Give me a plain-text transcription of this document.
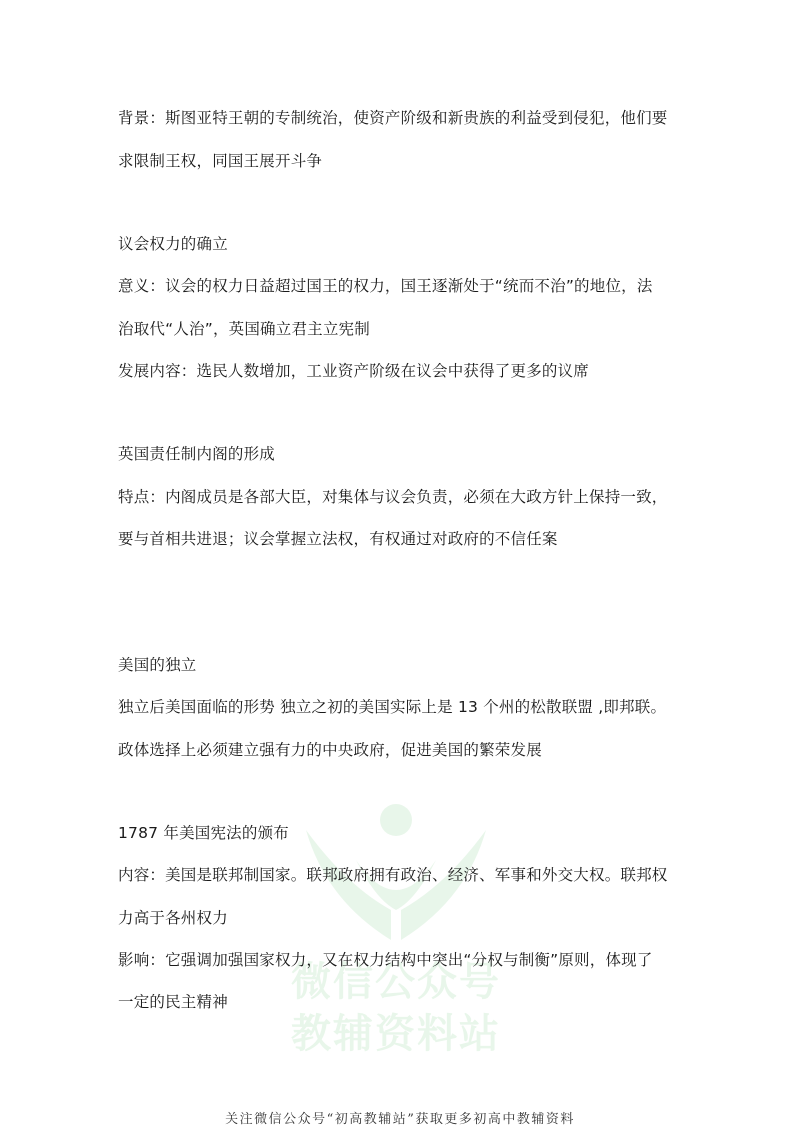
微信公众号
教辅资料站
背景：斯图亚特王朝的专制统治，使资产阶级和新贵族的利益受到侵犯，他们要
求限制王权，同国王展开斗争
议会权力的确立
意义：议会的权力日益超过国王的权力，国王逐渐处于“统而不治”的地位，法
治取代“人治”，英国确立君主立宪制
发展内容：选民人数增加，工业资产阶级在议会中获得了更多的议席
英国责任制内阁的形成
特点：内阁成员是各部大臣，对集体与议会负责，必须在大政方针上保持一致，
要与首相共进退；议会掌握立法权，有权通过对政府的不信任案
美国的独立
独立后美国面临的形势 独立之初的美国实际上是 13 个州的松散联盟 ,即邦联。
政体选择上必须建立强有力的中央政府，促进美国的繁荣发展
1787 年美国宪法的颁布
内容：美国是联邦制国家。联邦政府拥有政治、经济、军事和外交大权。联邦权
力高于各州权力
影响：它强调加强国家权力，又在权力结构中突出“分权与制衡”原则，体现了
一定的民主精神
关注微信公众号“初高教辅站”获取更多初高中教辅资料
